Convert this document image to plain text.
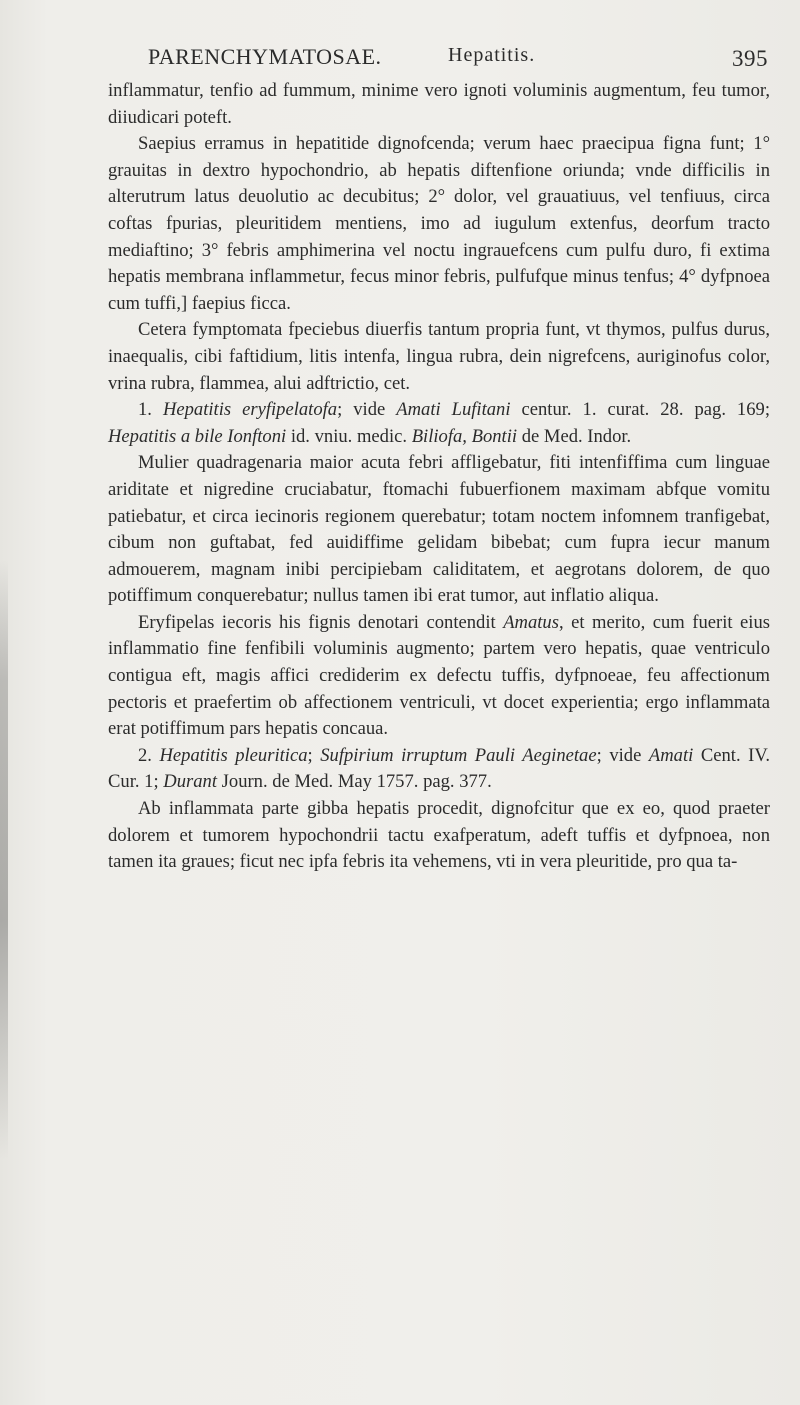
PARENCHYMATOSAE.	Hepatitis.	395

inflammatur, tenfio ad fummum, minime vero ignoti voluminis augmentum, feu tumor, diiudicari poteft.

Saepius erramus in hepatitide dignofcenda; verum haec praecipua figna funt; 1° grauitas in dextro hypochondrio, ab hepatis diftenfione oriunda; vnde difficilis in alterutrum latus deuolutio ac decubitus; 2° dolor, vel grauatiuus, vel tenfiuus, circa coftas fpurias, pleuritidem mentiens, imo ad iugulum extenfus, deorfum tracto mediaftino; 3° febris amphimerina vel noctu ingrauefcens cum pulfu duro, fi extima hepatis membrana inflammetur, fecus minor febris, pulfufque minus tenfus; 4° dyfpnoea cum tuffi,] faepius ficca.

Cetera fymptomata fpeciebus diuerfis tantum propria funt, vt thymos, pulfus durus, inaequalis, cibi faftidium, litis intenfa, lingua rubra, dein nigrefcens, auriginofus color, vrina rubra, flammea, alui adftrictio, cet.

1. Hepatitis eryfipelatofa; vide Amati Lufitani centur. 1. curat. 28. pag. 169; Hepatitis a bile Ionftoni id. vniu. medic. Biliofa, Bontii de Med. Indor.

Mulier quadragenaria maior acuta febri affligebatur, fiti intenfiffima cum linguae ariditate et nigredine cruciabatur, ftomachi fubuerfionem maximam abfque vomitu patiebatur, et circa iecinoris regionem querebatur; totam noctem infomnem tranfigebat, cibum non guftabat, fed auidiffime gelidam bibebat; cum fupra iecur manum admouerem, magnam inibi percipiebam caliditatem, et aegrotans dolorem, de quo potiffimum conquerebatur; nullus tamen ibi erat tumor, aut inflatio aliqua.

Eryfipelas iecoris his fignis denotari contendit Amatus, et merito, cum fuerit eius inflammatio fine fenfibili voluminis augmento; partem vero hepatis, quae ventriculo contigua eft, magis affici crediderim ex defectu tuffis, dyfpnoeae, feu affectionum pectoris et praefertim ob affectionem ventriculi, vt docet experientia; ergo inflammata erat potiffimum pars hepatis concaua.

2. Hepatitis pleuritica; Sufpirium irruptum Pauli Aeginetae; vide Amati Cent. IV. Cur. 1; Durant Journ. de Med. May 1757. pag. 377.

Ab inflammata parte gibba hepatis procedit, dignofcitur que ex eo, quod praeter dolorem et tumorem hypochondrii tactu exafperatum, adeft tuffis et dyfpnoea, non tamen ita graues; ficut nec ipfa febris ita vehemens, vti in vera pleuritide, pro qua ta-
